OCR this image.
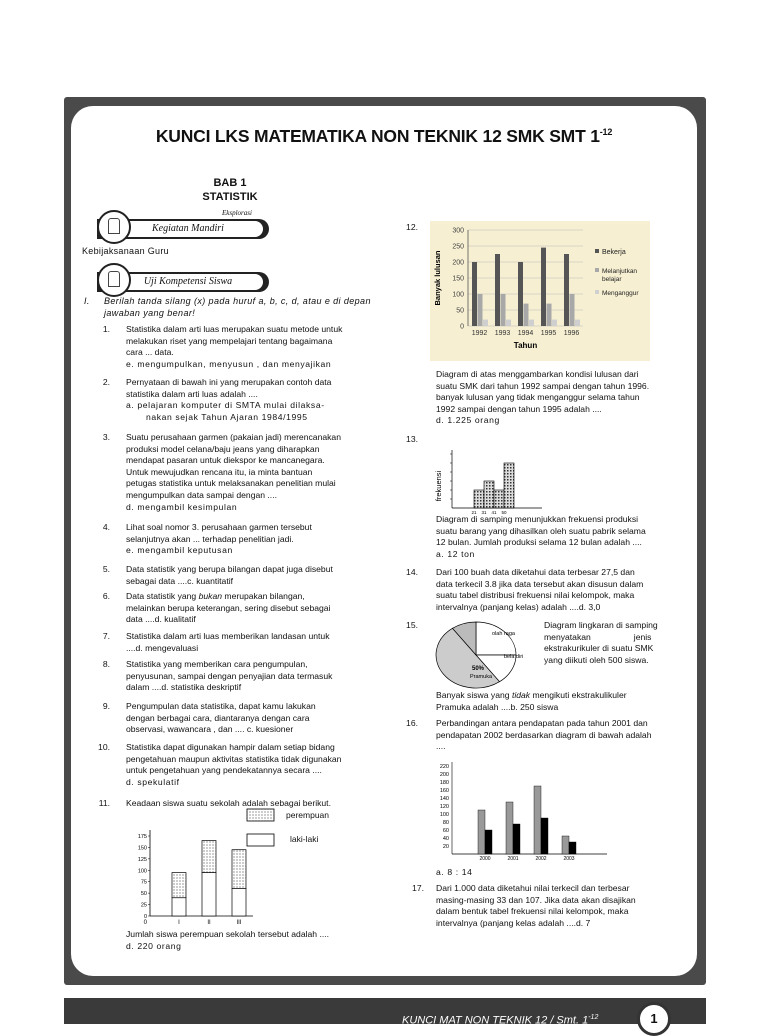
KUNCI LKS MATEMATIKA NON TEKNIK 12 SMK SMT $1^{-12}$
BAB 1
STATISTIK
Kegiatan Mandiri
Eksplorasi
Kebijaksanaan Guru
Uji Kompetensi Siswa
I. Berilah tanda silang (x) pada huruf a, b, c, d, atau e di depan jawaban yang benar!
1. Statistika dalam arti luas merupakan suatu metode untuk
melakukan riset yang mempelajari tentang bagaimana
cara ... data.
e. mengumpulkan, menyusun , dan menyajikan
2. Pernyataan di bawah ini yang merupakan contoh data
statistika dalam arti luas adalah ....
a. pelajaran komputer di SMTA mulai dilaksa-
nakan sejak Tahun Ajaran 1984/1995
3. Suatu perusahaan garmen (pakaian jadi) merencanakan
produksi model celana/baju jeans yang diharapkan
mendapat pasaran untuk diekspor ke mancanegara.
Untuk mewujudkan rencana itu, ia minta bantuan
petugas statistika untuk melaksanakan penelitian mulai
mengumpulkan data sampai dengan ....
d. mengambil kesimpulan
4. Lihat soal nomor 3. perusahaan garmen tersebut
selanjutnya akan ... terhadap penelitian jadi.
e. mengambil keputusan
5. Data statistik yang berupa bilangan dapat juga disebut
sebagai data ....c. kuantitatif
6. Data statistik yang bukan merupakan bilangan,
melainkan berupa keterangan, sering disebut sebagai
data ....d. kualitatif
7. Statistika dalam arti luas memberikan landasan untuk
....d. mengevaluasi
8. Statistika yang memberikan cara pengumpulan,
penyusunan, sampai dengan penyajian data termasuk
dalam ....d. statistika deskriptif
9. Pengumpulan data statistika, dapat kamu lakukan
dengan berbagai cara, diantaranya dengan cara
observasi, wawancara , dan .... c. kuesioner
10. Statistika dapat digunakan hampir dalam setiap bidang
pengetahuan maupun aktivitas statistika tidak digunakan
untuk pengetahuan yang pendekatannya secara ....
d. spekulatif
11. Keadaan siswa suatu sekolah adalah sebagai berikut.
perempuan
laki-laki
0
25
50
75
100
125
150
175
I	II	III
0
Jumlah siswa perempuan sekolah tersebut adalah ....
d. 220 orang
12.
0
50
100
150
200
250
300
1992 1993 1994 1995 1996
Tahun
Banyak lulusan	Bekerja
Melanjutkan
belajar
Menganggur
Diagram di atas menggambarkan kondisi lulusan dari
suatu SMK dari tahun 1992 sampai dengan tahun 1996.
banyak lulusan yang tidak menganggur selama tahun
1992 sampai dengan tahun 1995 adalah ....
d. 1.225 orang
13.
frekuensi
21 31 41 50
Diagram di samping menunjukkan frekuensi produksi
suatu barang yang dihasilkan oleh suatu pabrik selama
12 bulan. Jumlah produksi selama 12 bulan adalah ....
a. 12 ton
14. Dari 100 buah data diketahui data terbesar 27,5 dan
data terkecil 3.8 jika data tersebut akan disusun dalam
suatu tabel distribusi frekuensi nilai kelompok, maka
intervalnya (panjang kelas) adalah ....d. 3,0
15.
olah raga
bela diri
50%
Pramuka
Diagram lingkaran di samping
menyatakan                  jenis
ekstrakurikuler di suatu SMK
yang diikuti oleh 500 siswa.
Banyak siswa yang tidak mengikuti ekstrakulikuler
Pramuka adalah ....b. 250 siswa
16. Perbandingan antara pendapatan pada tahun 2001 dan
pendapatan 2002 berdasarkan diagram di bawah adalah
....
20
40
60
80
100
120
140
160
180
200
220
2000	2001	2002	2003
a. 8 : 14
17. Dari 1.000 data diketahui nilai terkecil dan terbesar
masing-masing 33 dan 107. Jika data akan disajikan
dalam bentuk tabel frekuensi nilai kelompok, maka
intervalnya (panjang kelas adalah ....d. 7
KUNCI MAT NON TEKNIK 12 / Smt. $1^{-12}$	1
